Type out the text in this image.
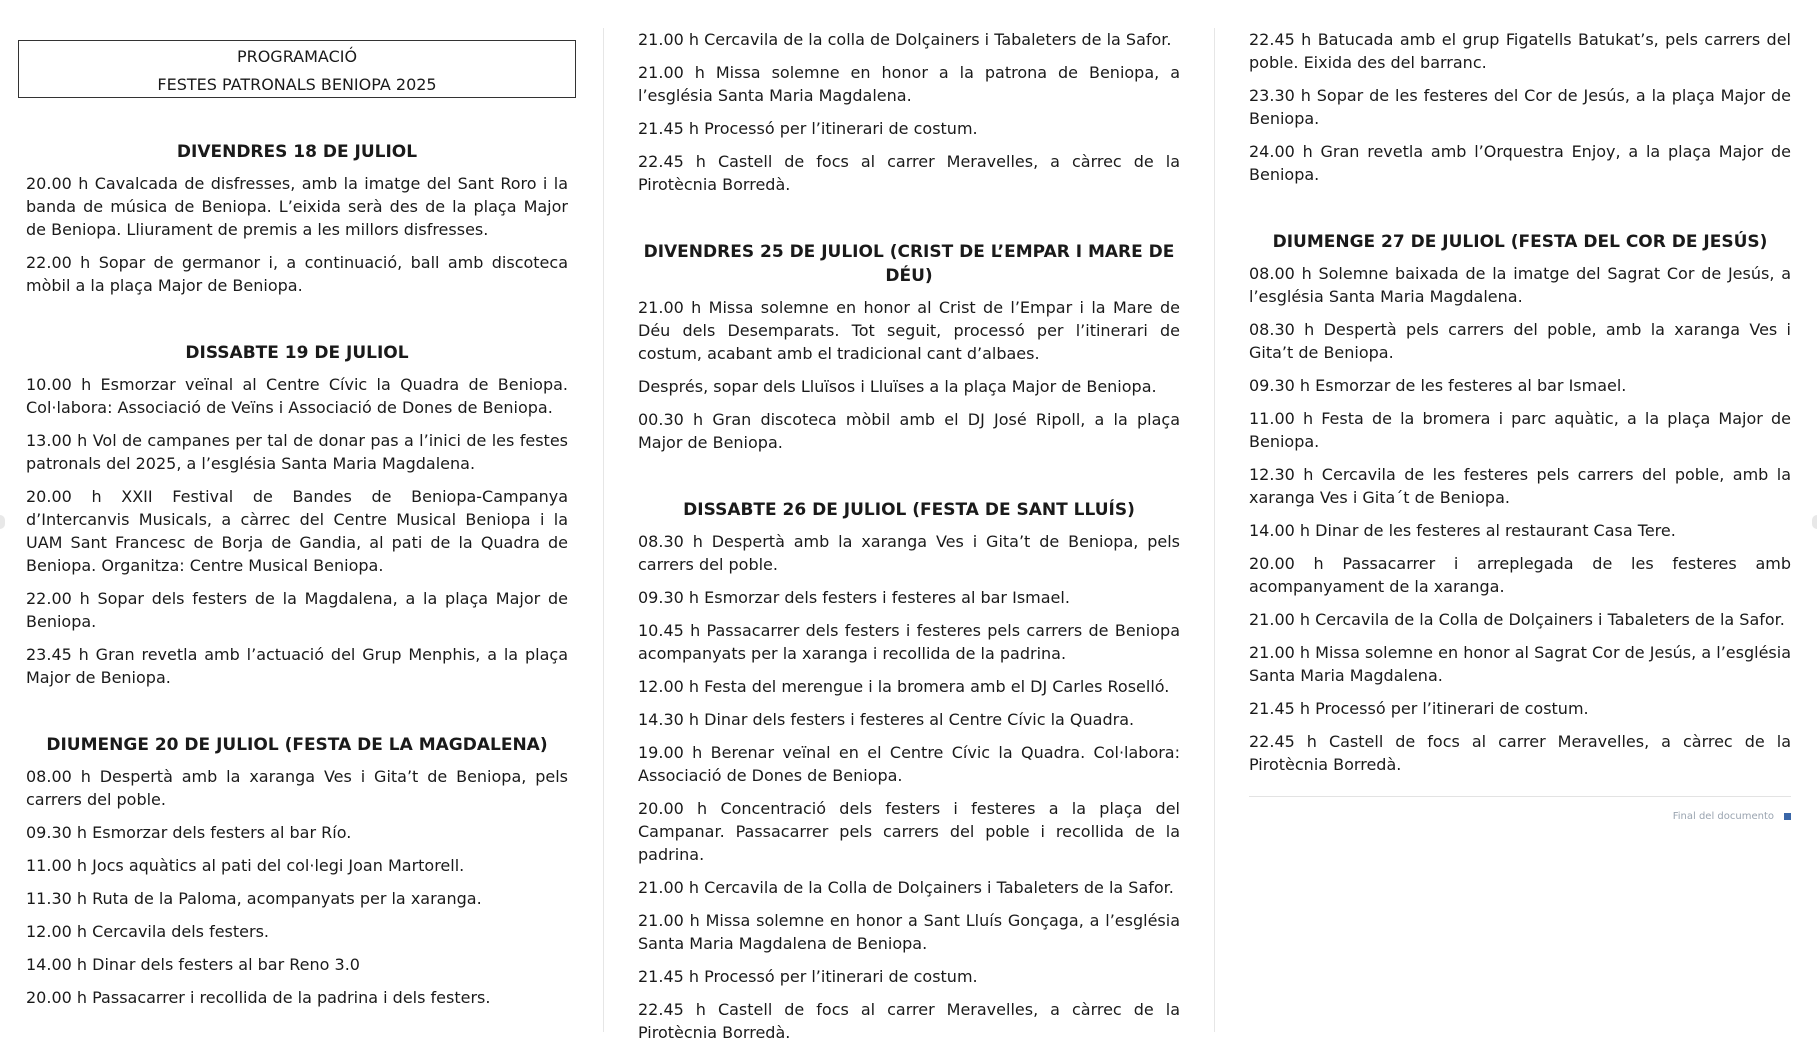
PROGRAMACIÓ
FESTES PATRONALS BENIOPA 2025
DIVENDRES 18 DE JULIOL

20.00 h Cavalcada de disfresses, amb la imatge del Sant Roro i la banda de música de Beniopa. L’eixida serà des de la plaça Major de Beniopa. Lliurament de premis a les millors disfresses.

22.00 h Sopar de germanor i, a continuació, ball amb discoteca mòbil a la plaça Major de Beniopa.

DISSABTE 19 DE JULIOL

10.00 h Esmorzar veïnal al Centre Cívic la Quadra de Beniopa. Col·labora: Associació de Veïns i Associació de Dones de Beniopa.

13.00 h Vol de campanes per tal de donar pas a l’inici de les festes patronals del 2025, a l’església Santa Maria Magdalena.

20.00 h XXII Festival de Bandes de Beniopa-Campanya d’Intercanvis Musicals, a càrrec del Centre Musical Beniopa i la UAM Sant Francesc de Borja de Gandia, al pati de la Quadra de Beniopa. Organitza: Centre Musical Beniopa.

22.00 h Sopar dels festers de la Magdalena, a la plaça Major de Beniopa.

23.45 h Gran revetla amb l’actuació del Grup Menphis, a la plaça Major de Beniopa.

DIUMENGE 20 DE JULIOL (FESTA DE LA MAGDALENA)

08.00 h Despertà amb la xaranga Ves i Gita’t de Beniopa, pels carrers del poble.

09.30 h Esmorzar dels festers al bar Río.

11.00 h Jocs aquàtics al pati del col·legi Joan Martorell.

11.30 h Ruta de la Paloma, acompanyats per la xaranga.

12.00 h Cercavila dels festers.

14.00 h Dinar dels festers al bar Reno 3.0

20.00 h Passacarrer i recollida de la padrina i dels festers.

21.00 h Cercavila de la colla de Dolçainers i Tabaleters de la Safor.

21.00 h Missa solemne en honor a la patrona de Beniopa, a l’església Santa Maria Magdalena.

21.45 h Processó per l’itinerari de costum.

22.45 h Castell de focs al carrer Meravelles, a càrrec de la Pirotècnia Borredà.

DIVENDRES 25 DE JULIOL (CRIST DE L’EMPAR I MARE DE DÉU)

21.00 h Missa solemne en honor al Crist de l’Empar i la Mare de Déu dels Desemparats. Tot seguit, processó per l’itinerari de costum, acabant amb el tradicional cant d’albaes.

Després, sopar dels Lluïsos i Lluïses a la plaça Major de Beniopa.

00.30 h Gran discoteca mòbil amb el DJ José Ripoll, a la plaça Major de Beniopa.

DISSABTE 26 DE JULIOL (FESTA DE SANT LLUÍS)

08.30 h Despertà amb la xaranga Ves i Gita’t de Beniopa, pels carrers del poble.

09.30 h Esmorzar dels festers i festeres al bar Ismael.

10.45 h Passacarrer dels festers i festeres pels carrers de Beniopa acompanyats per la xaranga i recollida de la padrina.

12.00 h Festa del merengue i la bromera amb el DJ Carles Roselló.

14.30 h Dinar dels festers i festeres al Centre Cívic la Quadra.

19.00 h Berenar veïnal en el Centre Cívic la Quadra. Col·labora: Associació de Dones de Beniopa.

20.00 h Concentració dels festers i festeres a la plaça del Campanar. Passacarrer pels carrers del poble i recollida de la padrina.

21.00 h Cercavila de la Colla de Dolçainers i Tabaleters de la Safor.

21.00 h Missa solemne en honor a Sant Lluís Gonçaga, a l’església Santa Maria Magdalena de Beniopa.

21.45 h Processó per l’itinerari de costum.

22.45 h Castell de focs al carrer Meravelles, a càrrec de la Pirotècnia Borredà.

22.45 h Batucada amb el grup Figatells Batukat’s, pels carrers del poble. Eixida des del barranc.

23.30 h Sopar de les festeres del Cor de Jesús, a la plaça Major de Beniopa.

24.00 h Gran revetla amb l’Orquestra Enjoy, a la plaça Major de Beniopa.

DIUMENGE 27 DE JULIOL (FESTA DEL COR DE JESÚS)

08.00 h Solemne baixada de la imatge del Sagrat Cor de Jesús, a l’església Santa Maria Magdalena.

08.30 h Despertà pels carrers del poble, amb la xaranga Ves i Gita’t de Beniopa.

09.30 h Esmorzar de les festeres al bar Ismael.

11.00 h Festa de la bromera i parc aquàtic, a la plaça Major de Beniopa.

12.30 h Cercavila de les festeres pels carrers del poble, amb la xaranga Ves i Gita´t de Beniopa.

14.00 h Dinar de les festeres al restaurant Casa Tere.

20.00 h Passacarrer i arreplegada de les festeres amb acompanyament de la xaranga.

21.00 h Cercavila de la Colla de Dolçainers i Tabaleters de la Safor.

21.00 h Missa solemne en honor al Sagrat Cor de Jesús, a l’església Santa Maria Magdalena.

21.45 h Processó per l’itinerari de costum.

22.45 h Castell de focs al carrer Meravelles, a càrrec de la Pirotècnia Borredà.

Final del documento
